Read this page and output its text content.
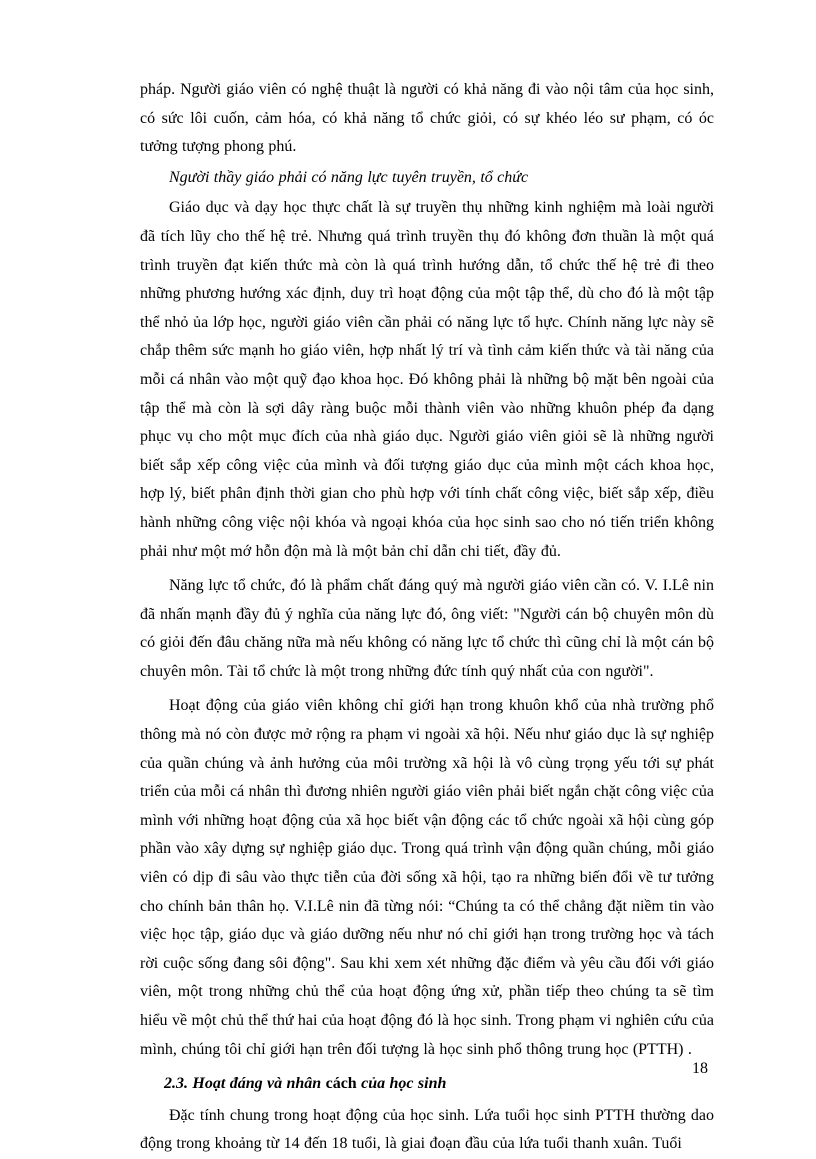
pháp. Người giáo viên có nghệ thuật là người có khả năng đi vào nội tâm của học sinh, có sức lôi cuốn, cảm hóa, có khả năng tổ chức giỏi, có sự khéo léo sư phạm, có óc tưởng tượng phong phú.

Người thầy giáo phải có năng lực tuyên truyền, tổ chức

Giáo dục và dạy học thực chất là sự truyền thụ những kinh nghiệm mà loài người đã tích lũy cho thế hệ trẻ. Nhưng quá trình truyền thụ đó không đơn thuần là một quá trình truyền đạt kiến thức mà còn là quá trình hướng dẫn, tổ chức thế hệ trẻ đi theo những phương hướng xác định, duy trì hoạt động của một tập thể, dù cho đó là một tập thể nhỏ ủa lớp học, người giáo viên cần phải có năng lực tổ hực. Chính năng lực này sẽ chắp thêm sức mạnh ho giáo viên, hợp nhất lý trí và tình cảm kiến thức và tài năng của mỗi cá nhân vào một quỹ đạo khoa học. Đó không phải là những bộ mặt bên ngoài của tập thể mà còn là sợi dây ràng buộc mỗi thành viên vào những khuôn phép đa dạng phục vụ cho một mục đích của nhà giáo dục. Người giáo viên giỏi sẽ là những người biết sắp xếp công việc của mình và đối tượng giáo dục của mình một cách khoa học, hợp lý, biết phân định thời gian cho phù hợp với tính chất công việc, biết sắp xếp, điều hành những công việc nội khóa và ngoại khóa của học sinh sao cho nó tiến triển không phải như một mớ hỗn độn mà là một bản chỉ dẫn chi tiết, đầy đủ.

Năng lực tổ chức, đó là phẩm chất đáng quý mà người giáo viên cần có. V. I.Lê nin đã nhấn mạnh đầy đủ ý nghĩa của năng lực đó, ông viết: "Người cán bộ chuyên môn dù có giỏi đến đâu chăng nữa mà nếu không có năng lực tổ chức thì cũng chỉ là một cán bộ chuyên môn. Tài tổ chức là một trong những đức tính quý nhất của con người".

Hoạt động của giáo viên không chỉ giới hạn trong khuôn khổ của nhà trường phổ thông mà nó còn được mở rộng ra phạm vi ngoài xã hội. Nếu như giáo dục là sự nghiệp của quần chúng và ảnh hưởng của môi trường xã hội là vô cùng trọng yếu tới sự phát triển của mỗi cá nhân thì đương nhiên người giáo viên phải biết ngắn chặt công việc của mình với những hoạt động của xã học biết vận động các tổ chức ngoài xã hội cùng góp phần vào xây dựng sự nghiệp giáo dục. Trong quá trình vận động quần chúng, mỗi giáo viên có dịp đi sâu vào thực tiễn của đời sống xã hội, tạo ra những biến đổi về tư tưởng cho chính bản thân họ. V.I.Lê nin đã từng nói: “Chúng ta có thể chẳng đặt niềm tin vào việc học tập, giáo dục và giáo dưỡng nếu như nó chỉ giới hạn trong trường học và tách rời cuộc sống đang sôi động". Sau khi xem xét những đặc điểm và yêu cầu đối với giáo viên, một trong những chủ thể của hoạt động ứng xử, phần tiếp theo chúng ta sẽ tìm hiểu về một chủ thể thứ hai của hoạt động đó là học sinh. Trong phạm vi nghiên cứu của mình, chúng tôi chỉ giới hạn trên đối tượng là học sinh phổ thông trung học (PTTH) .

2.3. Hoạt đáng và nhân cách của học sinh

Đặc tính chung trong hoạt động của học sinh. Lứa tuổi học sinh PTTH thường dao động trong khoảng từ 14 đến 18 tuổi, là giai đoạn đầu của lứa tuổi thanh xuân. Tuổi

18
